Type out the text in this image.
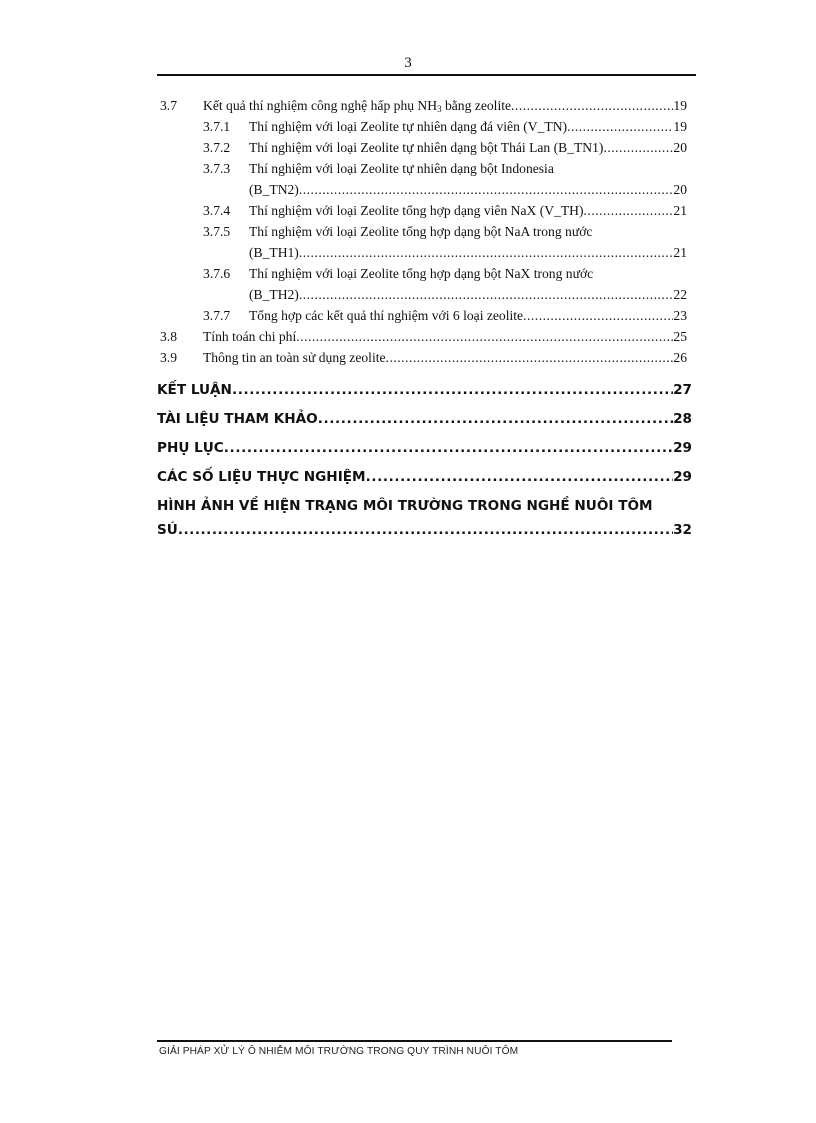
3
3.7 Kết quả thí nghiệm công nghệ hấp phụ $NH_3$ bằng zeolite .....	19
3.7.1 Thí nghiệm với loại Zeolite tự nhiên dạng đá viên (V_TN) .....	19
3.7.2 Thí nghiệm với loại Zeolite tự nhiên dạng bột Thái Lan (B_TN1) .....	20
3.7.3 Thí nghiệm với loại Zeolite tự nhiên dạng bột Indonesia
(B_TN2) .....	20
3.7.4 Thí nghiệm với loại Zeolite tổng hợp dạng viên NaX (V_TH) .....	21
3.7.5 Thí nghiệm với loại Zeolite tổng hợp dạng bột NaA trong nước
(B_TH1) .....	21
3.7.6 Thí nghiệm với loại Zeolite tổng hợp dạng bột NaX trong nước
(B_TH2) .....	22
3.7.7 Tổng hợp các kết quả thí nghiệm với 6 loại zeolite .....	23
3.8 Tính toán chi phí .....	25
3.9 Thông tin an toàn sử dụng zeolite .....	26
KẾT LUẬN .....	27
TÀI LIỆU THAM KHẢO .....	28
PHỤ LỤC .....	29
CÁC SỐ LIỆU THỰC NGHIỆM .....	29
HÌNH ẢNH VỀ HIỆN TRẠNG MÔI TRƯỜNG TRONG NGHỀ NUÔI TÔM
SÚ .....	32
GIẢI PHÁP XỬ LÝ Ô NHIỄM MÔI TRƯỜNG TRONG QUY TRÌNH NUÔI TÔM
